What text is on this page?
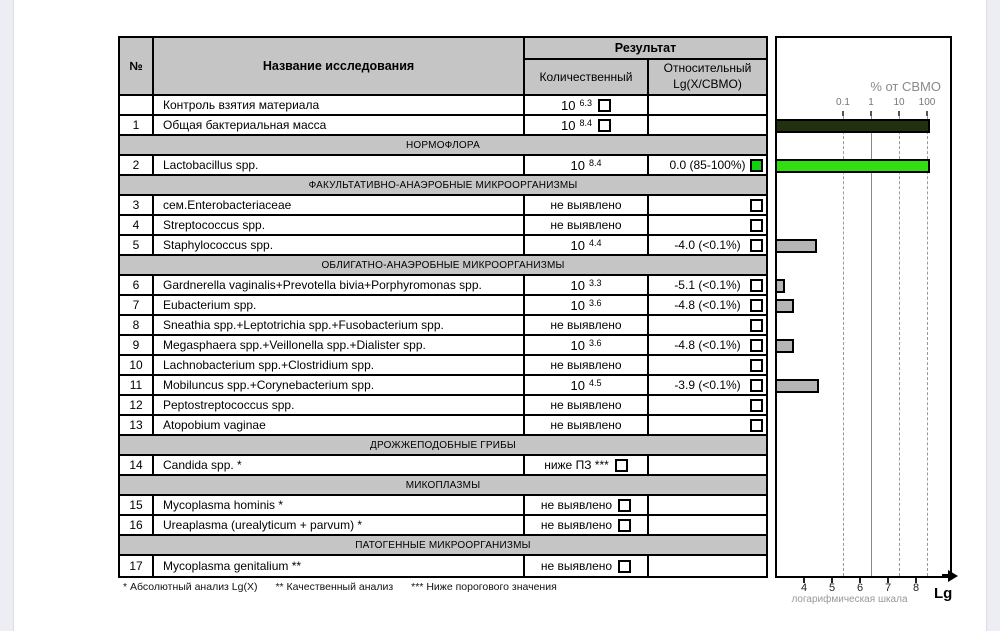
№	Название исследования
Результат
Количественный
Относительный Lg(X/СВМО)
Контроль взятия материала	10 $^{6.3}$
1	Общая бактериальная масса	10 $^{8.4}$
НОРМОФЛОРА
2	Lactobacillus spp.	10 $^{8.4}$	0.0 (85-100%)
ФАКУЛЬТАТИВНО-АНАЭРОБНЫЕ МИКРООРГАНИЗМЫ
3	сем.Enterobacteriaceae	не выявлено
4	Streptococcus spp.	не выявлено
5	Staphylococcus spp.	10 $^{4.4}$	-4.0 (<0.1%)
ОБЛИГАТНО-АНАЭРОБНЫЕ МИКРООРГАНИЗМЫ
6	Gardnerella vaginalis+Prevotella bivia+Porphyromonas spp.	10 $^{3.3}$	-5.1 (<0.1%)
7	Eubacterium spp.	10 $^{3.6}$	-4.8 (<0.1%)
8	Sneathia spp.+Leptotrichia spp.+Fusobacterium spp.	не выявлено
9	Megasphaera spp.+Veillonella spp.+Dialister spp.	10 $^{3.6}$	-4.8 (<0.1%)
10	Lachnobacterium spp.+Clostridium spp.	не выявлено
11	Mobiluncus spp.+Corynebacterium spp.	10 $^{4.5}$	-3.9 (<0.1%)
12	Peptostreptococcus spp.	не выявлено
13	Atopobium vaginae	не выявлено
ДРОЖЖЕПОДОБНЫЕ ГРИБЫ
14	Candida spp. *	ниже ПЗ ***
МИКОПЛАЗМЫ
15	Mycoplasma hominis *	не выявлено
16	Ureaplasma (urealyticum + parvum) *	не выявлено
ПАТОГЕННЫЕ МИКРООРГАНИЗМЫ
17	Mycoplasma genitalium **	не выявлено
* Абсолютный анализ Lg(X) ** Качественный анализ *** Ниже порогового значения
% от СВМО
0.1 1 10 100
Lg
логарифмическая шкала
4 5 6 7 8
